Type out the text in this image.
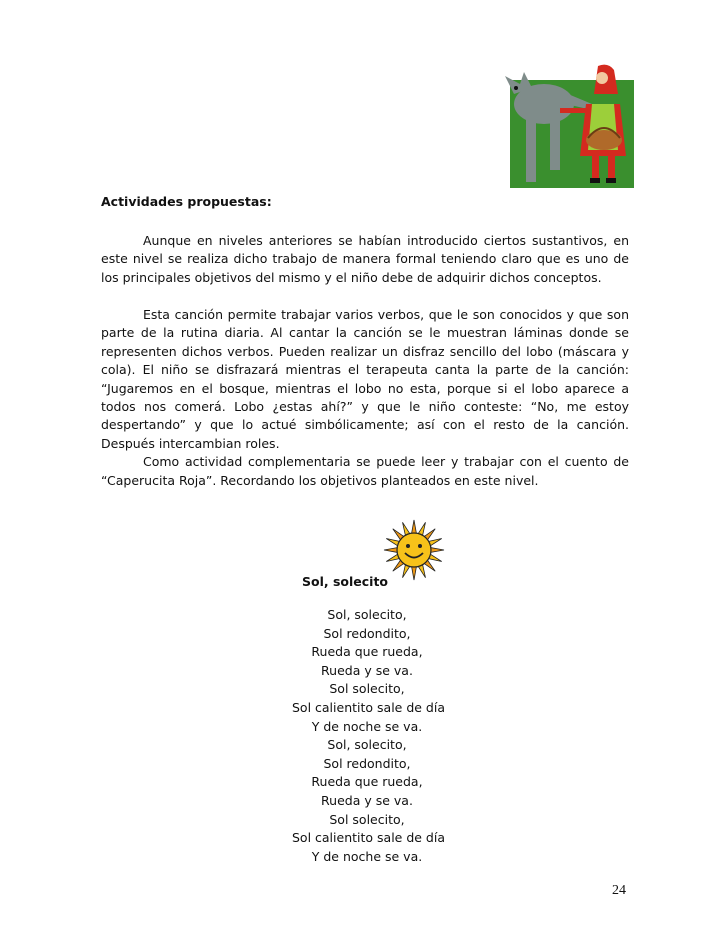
Actividades propuestas:

Aunque en niveles anteriores se habían introducido ciertos sustantivos, en este nivel se realiza dicho trabajo de manera formal teniendo claro que es uno de los principales objetivos del mismo y el niño debe de adquirir dichos conceptos.

Esta canción permite trabajar varios verbos, que le son conocidos y que son parte de la rutina diaria. Al cantar la canción se le muestran láminas donde se representen dichos verbos. Pueden realizar un disfraz sencillo del lobo (máscara y cola). El niño se disfrazará mientras el terapeuta canta la parte de la canción: “Jugaremos en el bosque, mientras el lobo no esta, porque si el lobo aparece a todos nos comerá. Lobo ¿estas ahí?” y que le niño conteste: “No, me estoy despertando” y que lo actué simbólicamente; así con el resto de la canción. Después intercambian roles.
Como actividad complementaria se puede leer y trabajar con el cuento de “Caperucita Roja”. Recordando los objetivos planteados en este nivel.

Sol, solecito
Sol, solecito,
Sol redondito,
Rueda que rueda,
Rueda y se va.
Sol solecito,
Sol calientito sale de día
Y de noche se va.
Sol, solecito,
Sol redondito,
Rueda que rueda,
Rueda y se va.
Sol solecito,
Sol calientito sale de día
Y de noche se va.
24
